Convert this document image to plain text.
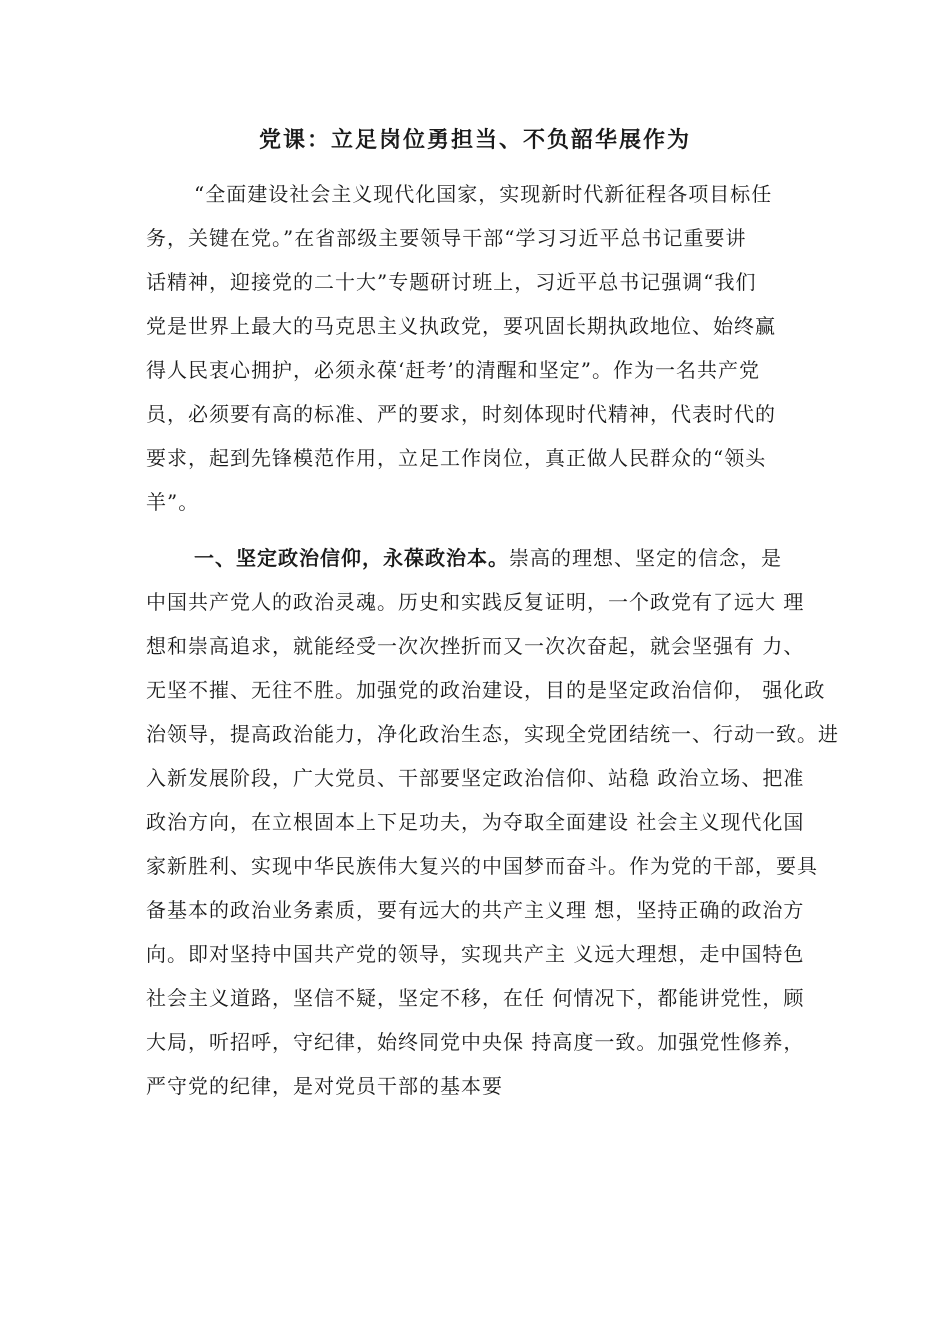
党课：立足岗位勇担当、不负韶华展作为
“全面建设社会主义现代化国家，实现新时代新征程各项目标任
务，关键在党。”在省部级主要领导干部“学习习近平总书记重要讲
话精神，迎接党的二十大”专题研讨班上，习近平总书记强调“我们
党是世界上最大的马克思主义执政党，要巩固长期执政地位、始终赢
得人民衷心拥护，必须永葆‘赶考’的清醒和坚定”。作为一名共产党
员，必须要有高的标准、严的要求，时刻体现时代精神，代表时代的
要求，起到先锋模范作用，立足工作岗位，真正做人民群众的“领头
羊”。
一、坚定政治信仰，永葆政治本。崇高的理想、坚定的信念，是
中国共产党人的政治灵魂。历史和实践反复证明，一个政党有了远大 理
想和崇高追求，就能经受一次次挫折而又一次次奋起，就会坚强有 力、
无坚不摧、无往不胜。加强党的政治建设，目的是坚定政治信仰， 强化政
治领导，提高政治能力，净化政治生态，实现全党团结统一、行动一致。进
入新发展阶段，广大党员、干部要坚定政治信仰、站稳 政治立场、把准
政治方向，在立根固本上下足功夫，为夺取全面建设 社会主义现代化国
家新胜利、实现中华民族伟大复兴的中国梦而奋斗。作为党的干部，要具
备基本的政治业务素质，要有远大的共产主义理 想，坚持正确的政治方
向。即对坚持中国共产党的领导，实现共产主 义远大理想，走中国特色
社会主义道路，坚信不疑，坚定不移，在任 何情况下，都能讲党性，顾
大局，听招呼，守纪律，始终同党中央保 持高度一致。加强党性修养，
严守党的纪律，是对党员干部的基本要
